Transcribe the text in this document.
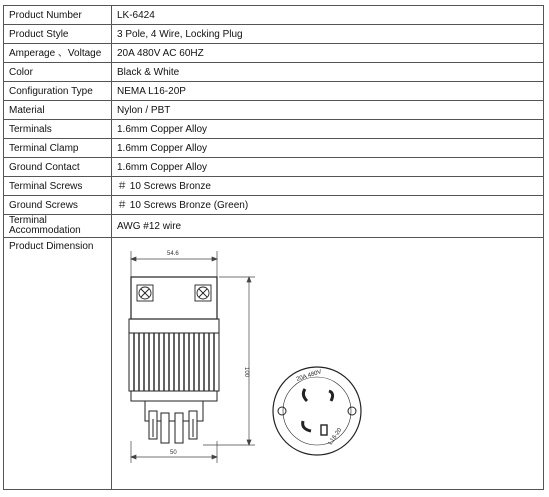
Product Number	LK-6424
Product Style	3 Pole, 4 Wire, Locking Plug
Amperage 、Voltage	20A 480V AC 60HZ
Color	Black & White
Configuration Type	NEMA L16-20P
Material	Nylon / PBT
Terminals	1.6mm Copper Alloy
Terminal Clamp	1.6mm Copper Alloy
Ground Contact	1.6mm Copper Alloy
Terminal Screws	＃ 10 Screws Bronze
Ground Screws	＃ 10 Screws Bronze (Green)

Terminal
Accommodation	AWG #12 wire
Product Dimension	54.6
50
100 20A 480V
L16-20
